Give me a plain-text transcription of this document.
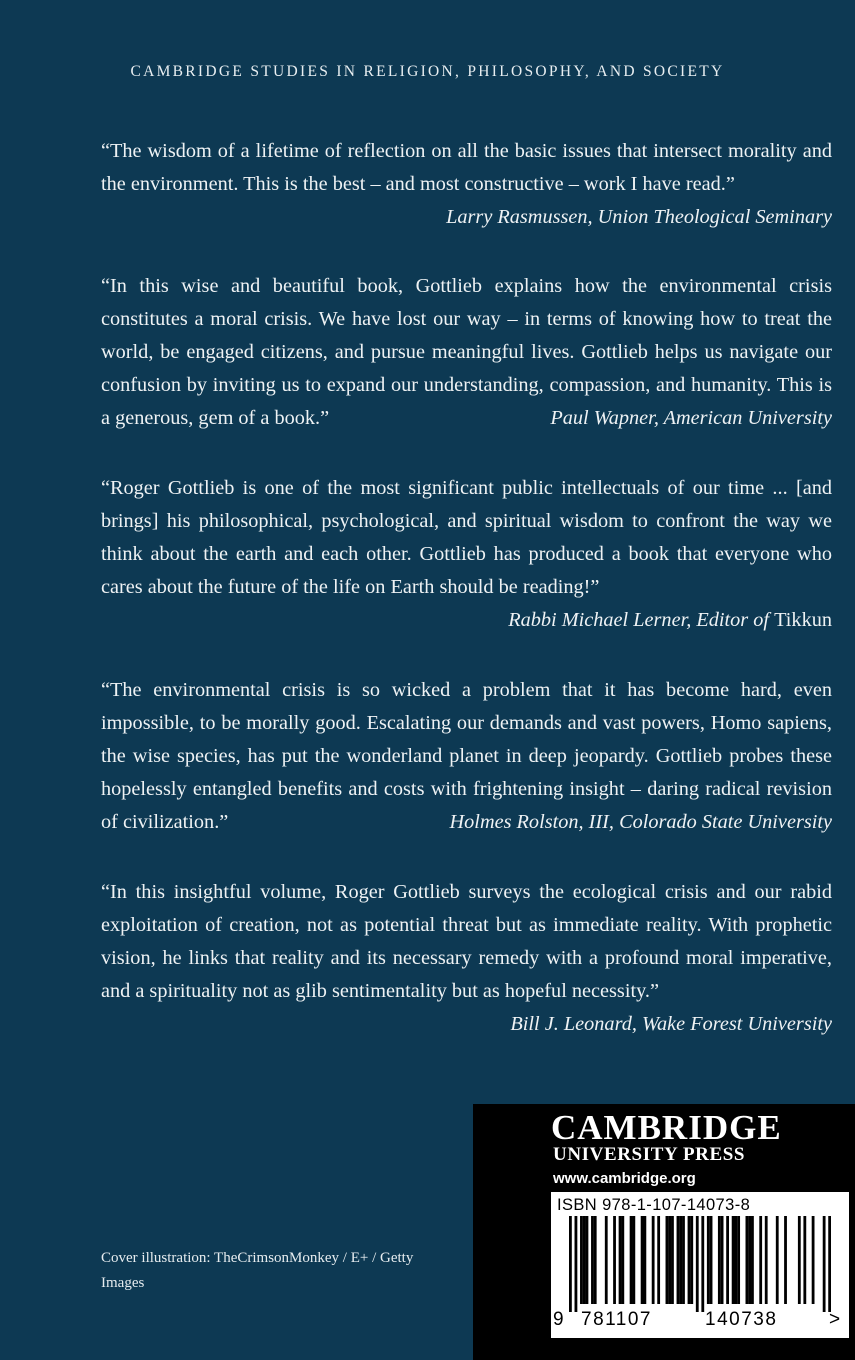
CAMBRIDGE STUDIES IN RELIGION, PHILOSOPHY, AND SOCIETY

“The wisdom of a lifetime of reflection on all the basic issues that intersect morality and the environment. This is the best – and most constructive – work I have read.”

Larry Rasmussen, Union Theological Seminary

“In this wise and beautiful book, Gottlieb explains how the environmental crisis constitutes a moral crisis. We have lost our way – in terms of knowing how to treat the world, be engaged citizens, and pursue meaningful lives. Gottlieb helps us navigate our confusion by inviting us to expand our understanding, compassion, and humanity. This is a generous, gem of a book.”	Paul Wapner, American University

“Roger Gottlieb is one of the most significant public intellectuals of our time ... [and brings] his philosophical, psychological, and spiritual wisdom to confront the way we think about the earth and each other. Gottlieb has produced a book that everyone who cares about the future of the life on Earth should be reading!”

Rabbi Michael Lerner, Editor of Tikkun

“The environmental crisis is so wicked a problem that it has become hard, even impossible, to be morally good. Escalating our demands and vast powers, Homo sapiens, the wise species, has put the wonderland planet in deep jeopardy. Gottlieb probes these hopelessly entangled benefits and costs with frightening insight – daring radical revision of civilization.”	Holmes Rolston, III, Colorado State University

“In this insightful volume, Roger Gottlieb surveys the ecological crisis and our rabid exploitation of creation, not as potential threat but as immediate reality. With prophetic vision, he links that reality and its necessary remedy with a profound moral imperative, and a spirituality not as glib sentimentality but as hopeful necessity.”

Bill J. Leonard, Wake Forest University

Cover illustration: TheCrimsonMonkey / E+ / Getty Images
CAMBRIDGE
UNIVERSITY PRESS
www.cambridge.org
ISBN 978-1-107-14073-8
9 781107	140738	>
